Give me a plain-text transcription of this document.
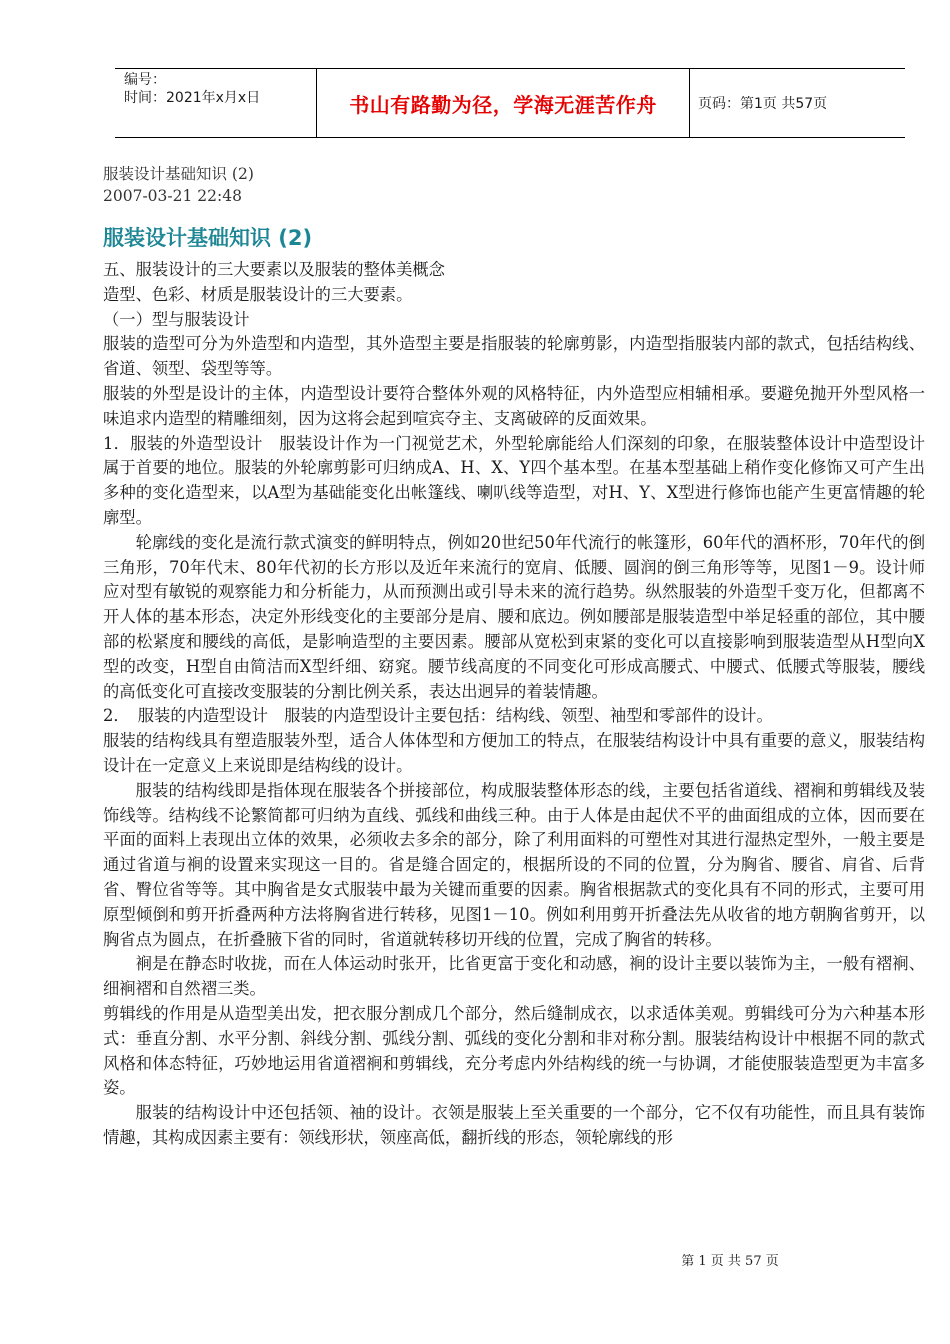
编号：
时间：2021年x月x日	书山有路勤为径，学海无涯苦作舟	页码：第1页 共57页
服装设计基础知识 (2)
2007-03-21 22:48
服装设计基础知识 (2)

五、服装设计的三大要素以及服装的整体美概念

造型、色彩、材质是服装设计的三大要素。

（一）型与服装设计

服装的造型可分为外造型和内造型，其外造型主要是指服装的轮廓剪影，内造型指服装内部的款式，包括结构线、省道、领型、袋型等等。

服装的外型是设计的主体，内造型设计要符合整体外观的风格特征，内外造型应相辅相承。要避免抛开外型风格一味追求内造型的精雕细刻，因为这将会起到喧宾夺主、支离破碎的反面效果。

1．服装的外造型设计　服装设计作为一门视觉艺术，外型轮廓能给人们深刻的印象，在服装整体设计中造型设计属于首要的地位。服装的外轮廓剪影可归纳成A、H、X、Y四个基本型。在基本型基础上稍作变化修饰又可产生出多种的变化造型来，以A型为基础能变化出帐篷线、喇叭线等造型，对H、Y、X型进行修饰也能产生更富情趣的轮廓型。

轮廓线的变化是流行款式演变的鲜明特点，例如20世纪50年代流行的帐篷形，60年代的酒杯形，70年代的倒三角形，70年代末、80年代初的长方形以及近年来流行的宽肩、低腰、圆润的倒三角形等等，见图1－9。设计师应对型有敏锐的观察能力和分析能力，从而预测出或引导未来的流行趋势。纵然服装的外造型千变万化，但都离不开人体的基本形态，决定外形线变化的主要部分是肩、腰和底边。例如腰部是服装造型中举足轻重的部位，其中腰部的松紧度和腰线的高低，是影响造型的主要因素。腰部从宽松到束紧的变化可以直接影响到服装造型从H型向X型的改变，H型自由简洁而X型纤细、窈窕。腰节线高度的不同变化可形成高腰式、中腰式、低腰式等服装，腰线的高低变化可直接改变服装的分割比例关系，表达出迥异的着装情趣。

2．　服装的内造型设计　服装的内造型设计主要包括：结构线、领型、袖型和零部件的设计。

服装的结构线具有塑造服装外型，适合人体体型和方便加工的特点，在服装结构设计中具有重要的意义，服装结构设计在一定意义上来说即是结构线的设计。

服装的结构线即是指体现在服装各个拼接部位，构成服装整体形态的线，主要包括省道线、褶裥和剪辑线及装饰线等。结构线不论繁简都可归纳为直线、弧线和曲线三种。由于人体是由起伏不平的曲面组成的立体，因而要在平面的面料上表现出立体的效果，必须收去多余的部分，除了利用面料的可塑性对其进行湿热定型外，一般主要是通过省道与裥的设置来实现这一目的。省是缝合固定的，根据所设的不同的位置，分为胸省、腰省、肩省、后背省、臀位省等等。其中胸省是女式服装中最为关键而重要的因素。胸省根据款式的变化具有不同的形式，主要可用原型倾倒和剪开折叠两种方法将胸省进行转移，见图1－10。例如利用剪开折叠法先从收省的地方朝胸省剪开，以胸省点为圆点，在折叠腋下省的同时，省道就转移切开线的位置，完成了胸省的转移。

裥是在静态时收拢，而在人体运动时张开，比省更富于变化和动感，裥的设计主要以装饰为主，一般有褶裥、细裥褶和自然褶三类。

剪辑线的作用是从造型美出发，把衣服分割成几个部分，然后缝制成衣，以求适体美观。剪辑线可分为六种基本形式：垂直分割、水平分割、斜线分割、弧线分割、弧线的变化分割和非对称分割。服装结构设计中根据不同的款式风格和体态特征，巧妙地运用省道褶裥和剪辑线，充分考虑内外结构线的统一与协调，才能使服装造型更为丰富多姿。

服装的结构设计中还包括领、袖的设计。衣领是服装上至关重要的一个部分，它不仅有功能性，而且具有装饰情趣，其构成因素主要有：领线形状，领座高低，翻折线的形态，领轮廓线的形

第 1 页 共 57 页
